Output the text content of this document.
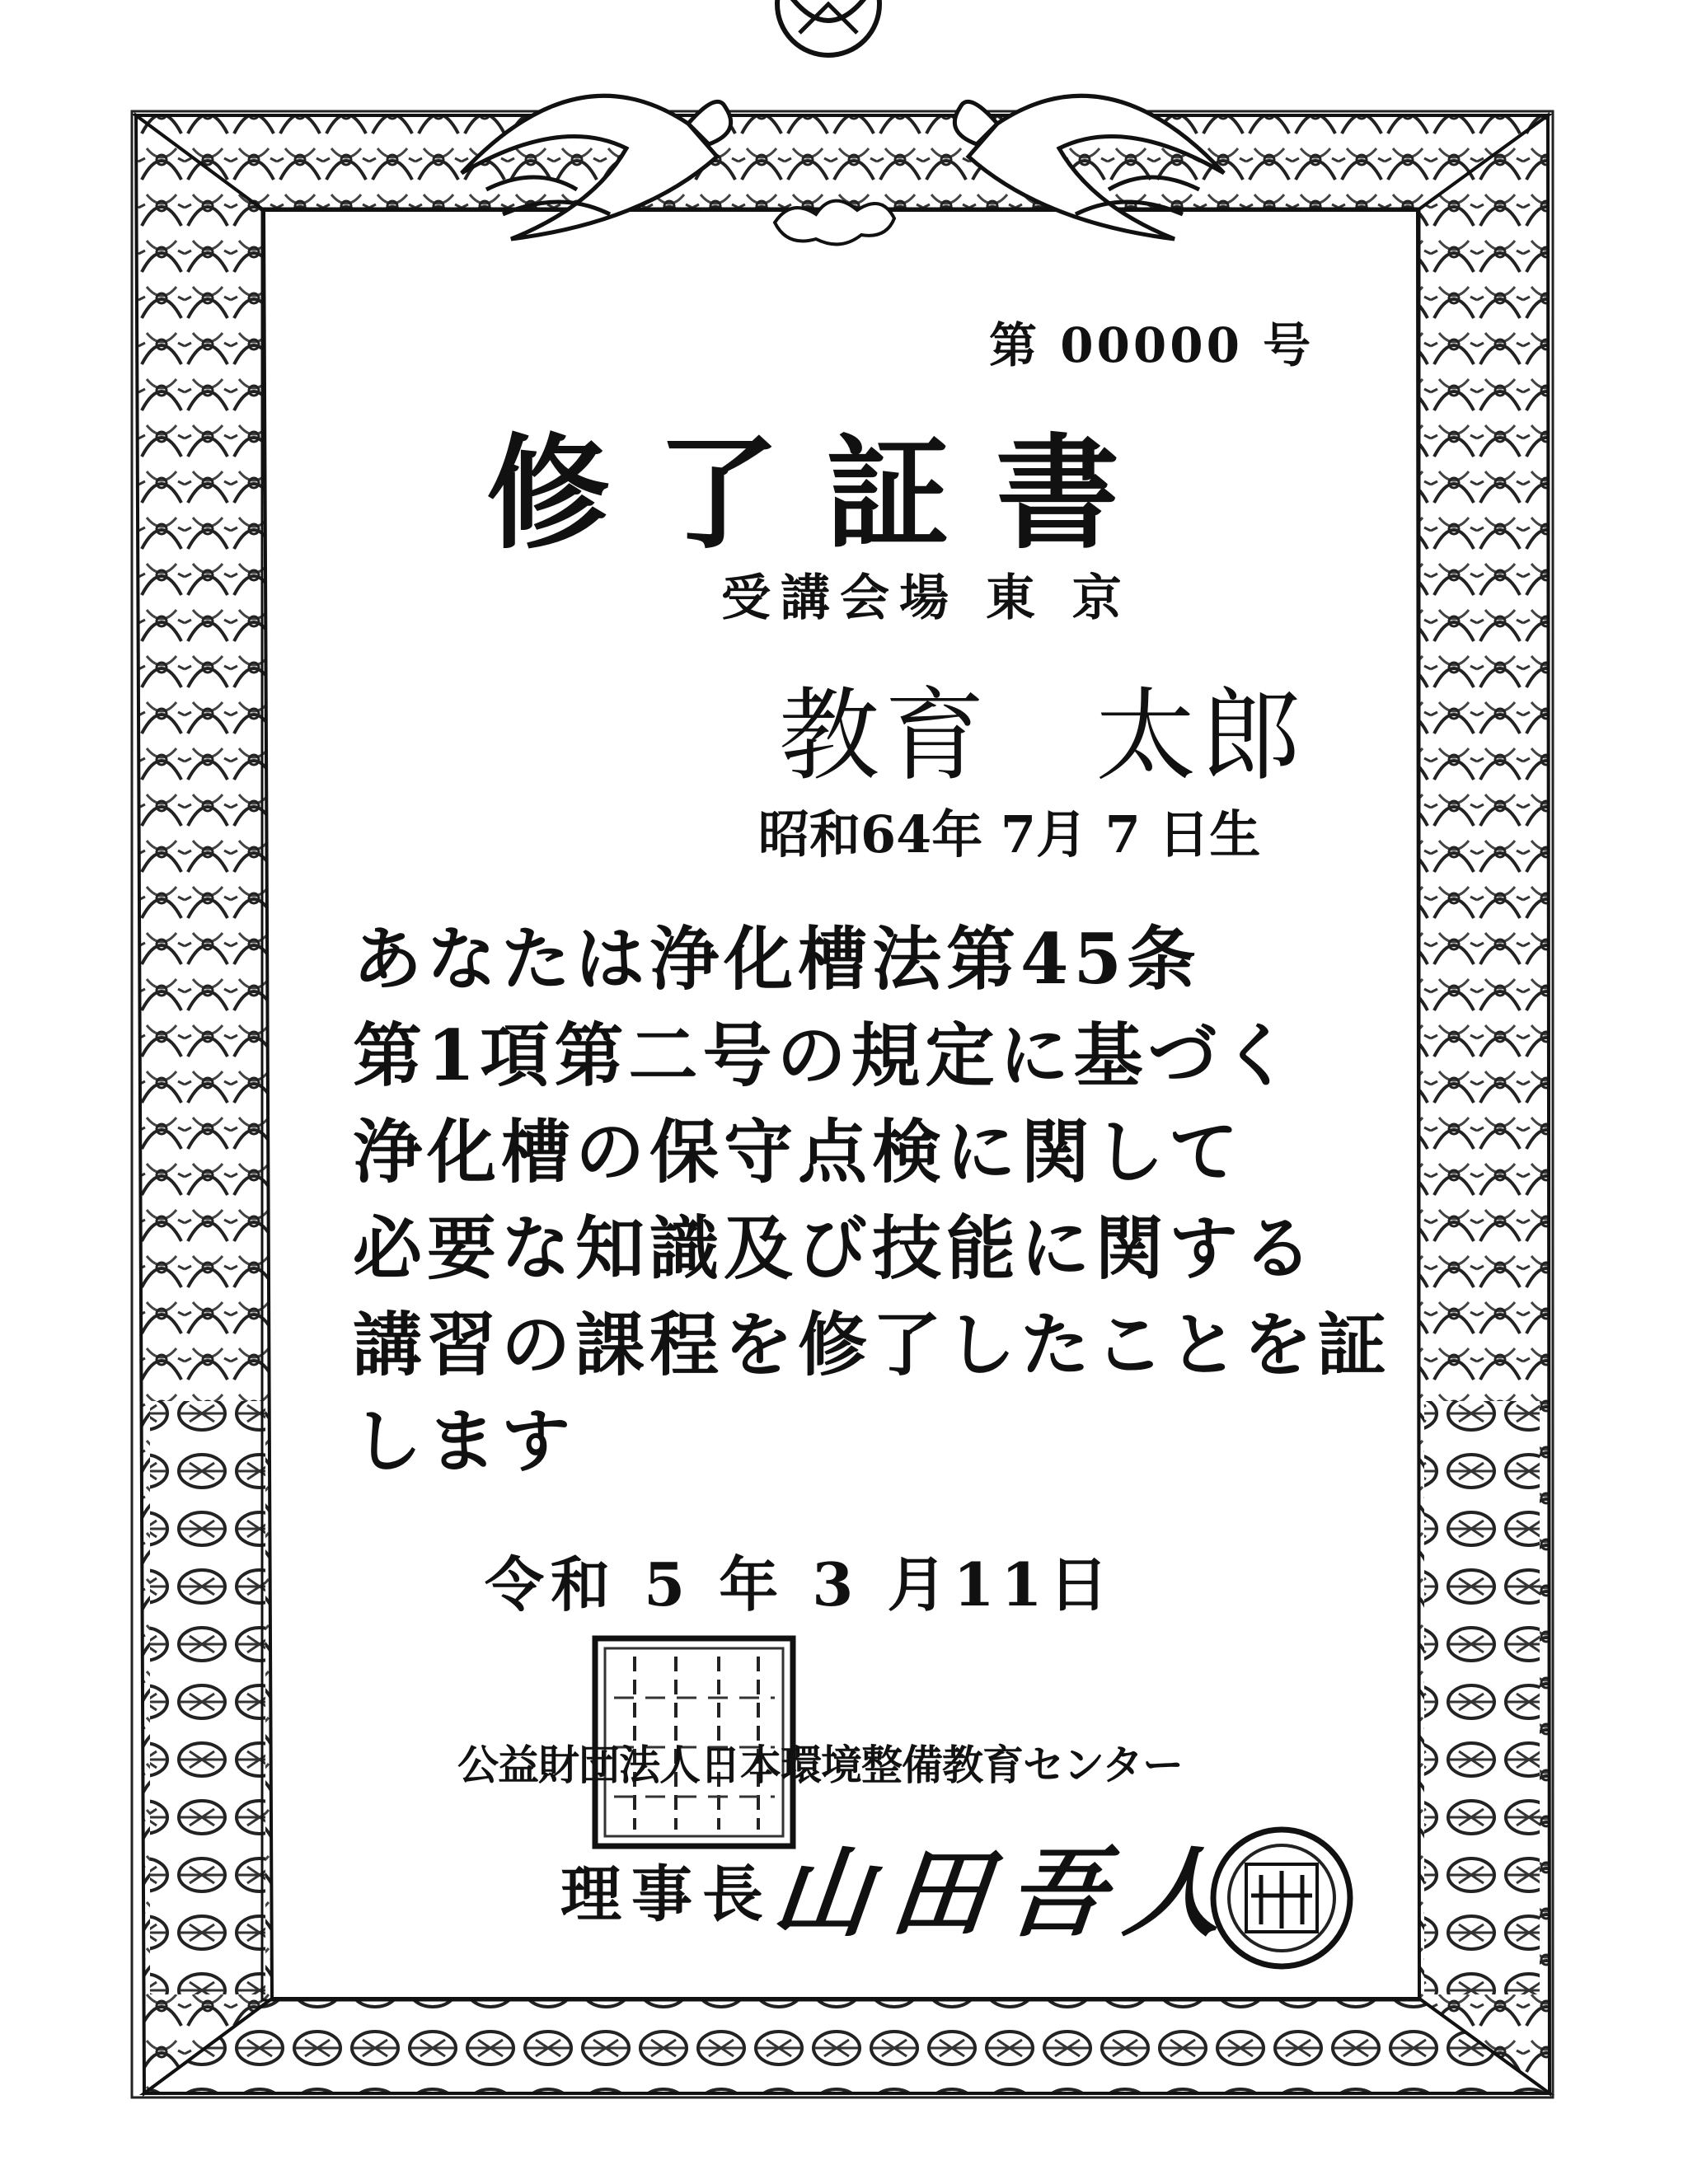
第 00000 号
修了証書
受講会場 東 京
教育　太郎
昭和64年 7月 7 日生
あなたは浄化槽法第45条
第1項第二号の規定に基づく
浄化槽の保守点検に関して
必要な知識及び技能に関する
講習の課程を修了したことを証
します
令和 5 年 3 月11日
公益財団法人日本環境整備教育センター
理事長
山田吾人
